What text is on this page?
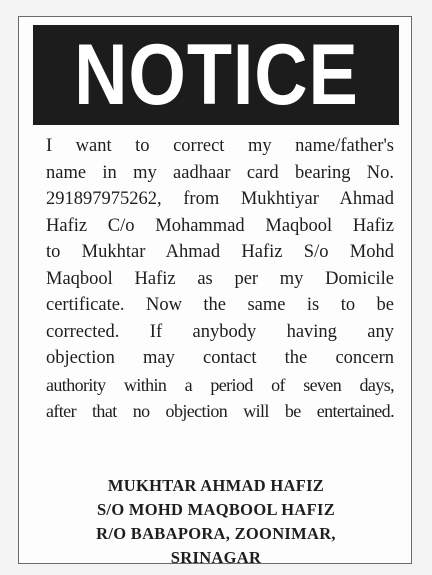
NOTICE
I want to correct my name/father's
name in my aadhaar card bearing No.
291897975262, from Mukhtiyar Ahmad
Hafiz C/o Mohammad Maqbool Hafiz
to Mukhtar Ahmad Hafiz S/o Mohd
Maqbool Hafiz as per my Domicile
certificate. Now the same is to be
corrected. If anybody having any
objection may contact the concern
authority within a period of seven days,
after that no objection will be entertained.
MUKHTAR AHMAD HAFIZ
S/O MOHD MAQBOOL HAFIZ
R/O BABAPORA, ZOONIMAR,
SRINAGAR
